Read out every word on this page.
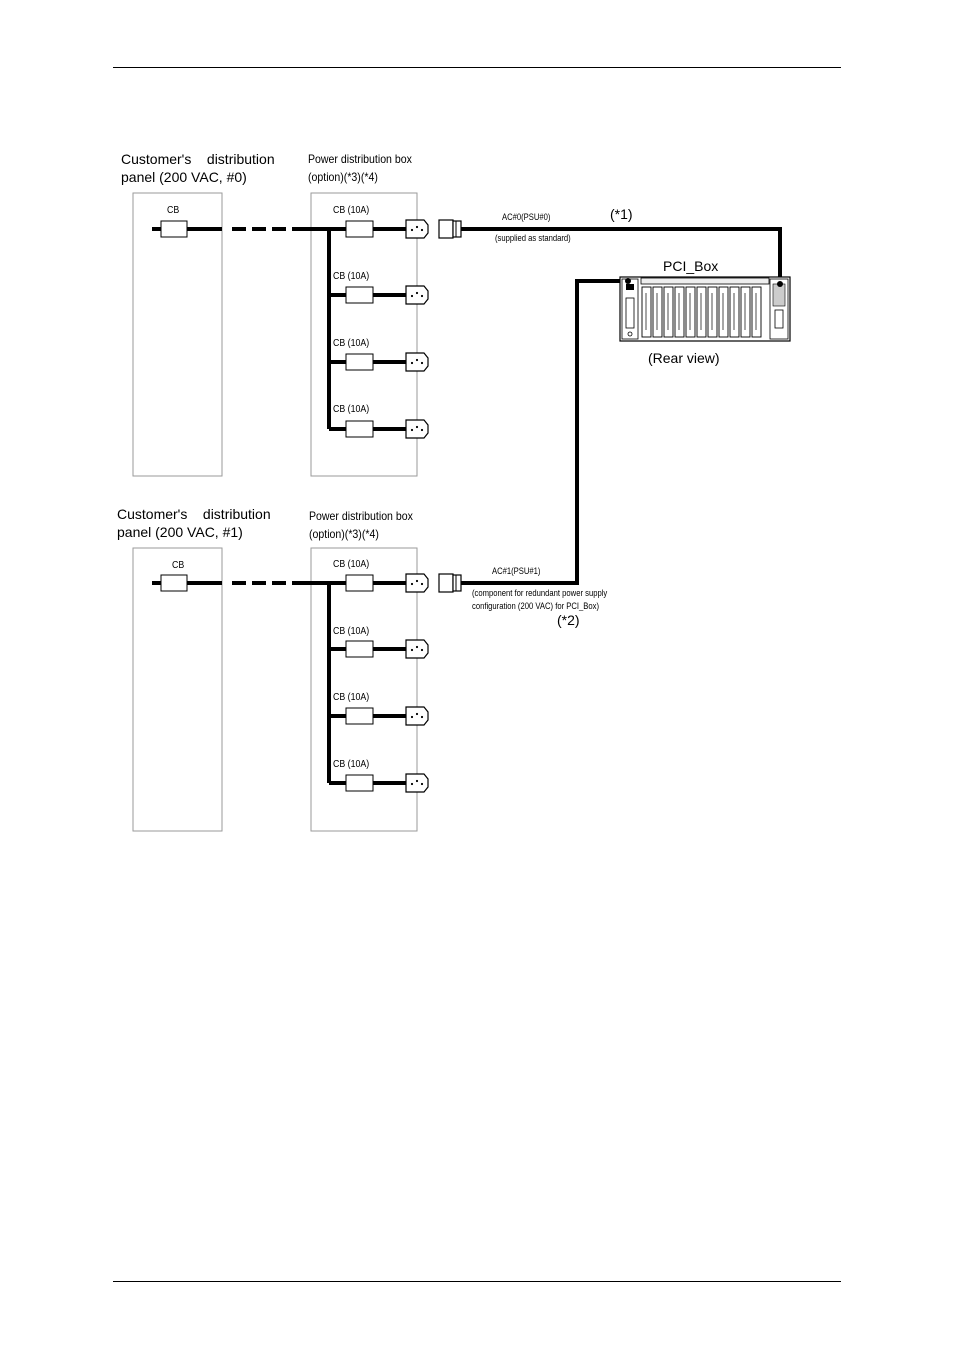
Customer's    distribution
panel (200 VAC, #0)
CB
Power distribution box
(option)(*3)(*4)
CB (10A)
CB (10A)
CB (10A)
CB (10A)
AC#0(PSU#0)
(supplied as standard)
(*1)
PCI_Box
(Rear view)
Customer's    distribution
panel (200 VAC, #1)
CB
Power distribution box
(option)(*3)(*4)
CB (10A)
CB (10A)
CB (10A)
CB (10A)
AC#1(PSU#1)
(component for redundant power supply
configuration (200 VAC) for PCI_Box)
(*2)
